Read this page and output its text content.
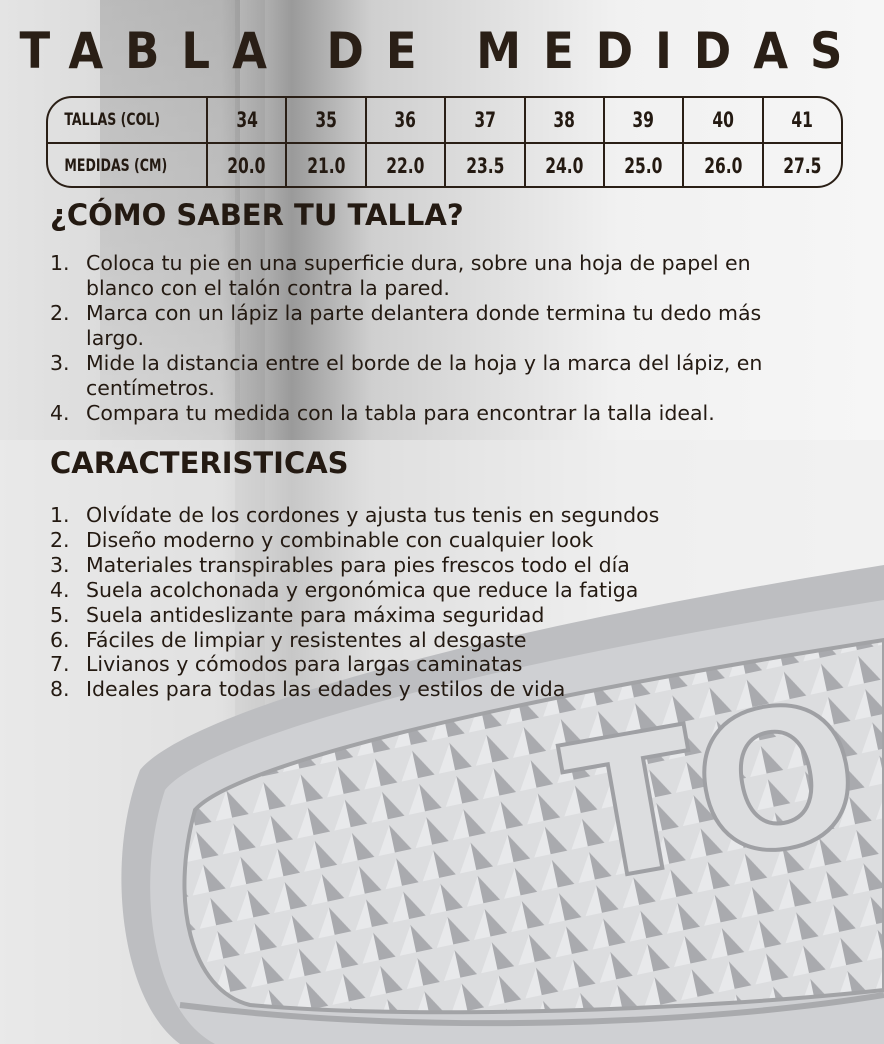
TO
TABLA DE MEDIDAS
TALLAS (COL)	34	35	36	37	38	39	40	41
MEDIDAS (CM)	20.0 21.0 22.0 23.5 24.0 25.0 26.0 27.5
¿CÓMO SABER TU TALLA?
1. Coloca tu pie en una superficie dura, sobre una hoja de papel en blanco con el talón contra la pared.
2. Marca con un lápiz la parte delantera donde termina tu dedo más largo.
3. Mide la distancia entre el borde de la hoja y la marca del lápiz, en centímetros.
4. Compara tu medida con la tabla para encontrar la talla ideal.
CARACTERISTICAS
1. Olvídate de los cordones y ajusta tus tenis en segundos
2. Diseño moderno y combinable con cualquier look
3. Materiales transpirables para pies frescos todo el día
4. Suela acolchonada y ergonómica que reduce la fatiga
5. Suela antideslizante para máxima seguridad
6. Fáciles de limpiar y resistentes al desgaste
7. Livianos y cómodos para largas caminatas
8. Ideales para todas las edades y estilos de vida
